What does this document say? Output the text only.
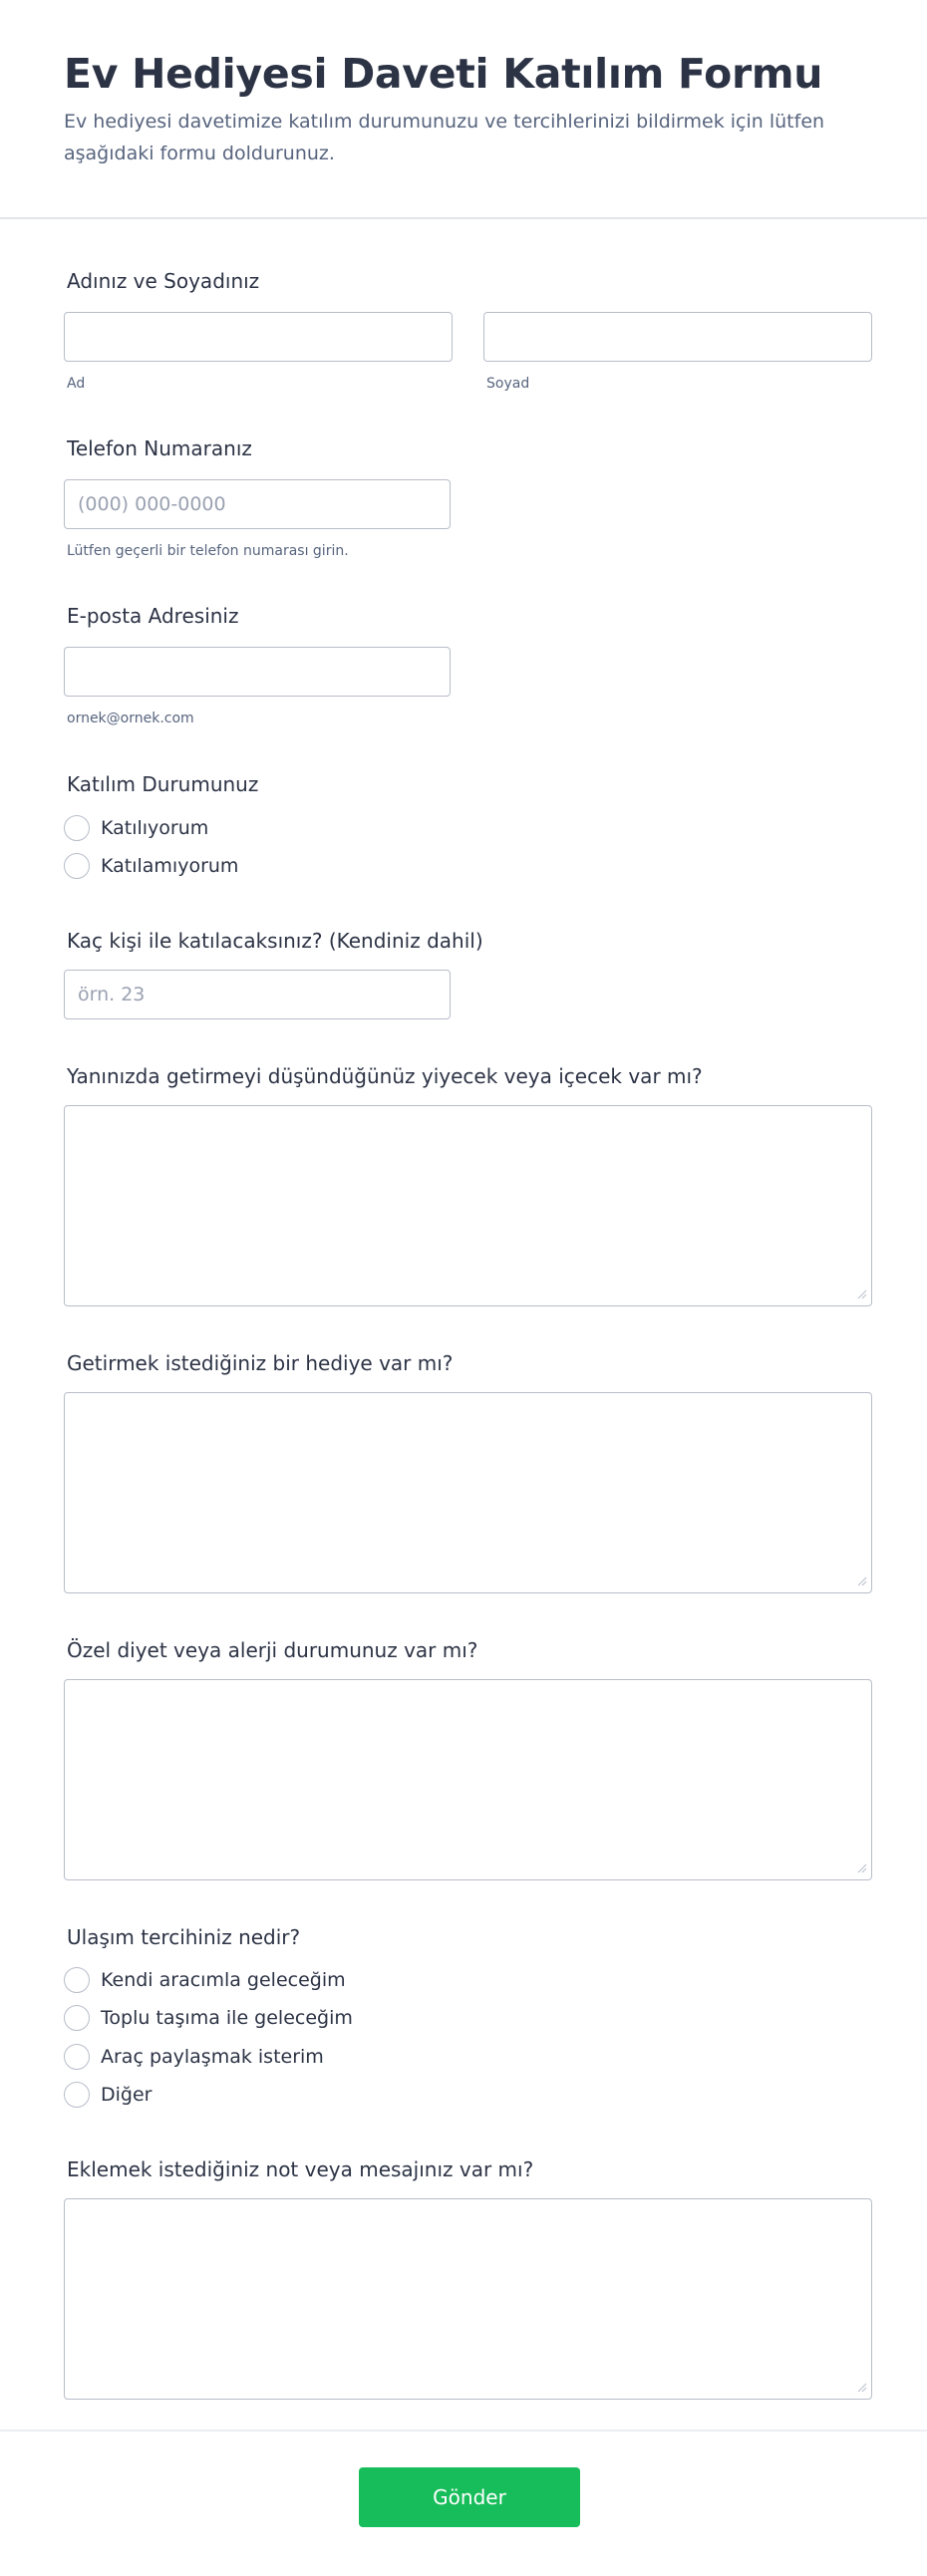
Ev Hediyesi Daveti Katılım Formu

Ev hediyesi davetimize katılım durumunuzu ve tercihlerinizi bildirmek için lütfen aşağıdaki formu doldurunuz.

Adınız ve Soyadınız
Ad	Soyad
Telefon Numaranız
(000) 000-0000
Lütfen geçerli bir telefon numarası girin.
E-posta Adresiniz
ornek@ornek.com
Katılım Durumunuz
Katılıyorum
Katılamıyorum
Kaç kişi ile katılacaksınız? (Kendiniz dahil)
örn. 23
Yanınızda getirmeyi düşündüğünüz yiyecek veya içecek var mı?
Getirmek istediğiniz bir hediye var mı?
Özel diyet veya alerji durumunuz var mı?
Ulaşım tercihiniz nedir?
Kendi aracımla geleceğim
Toplu taşıma ile geleceğim
Araç paylaşmak isterim
Diğer
Eklemek istediğiniz not veya mesajınız var mı?
Gönder
